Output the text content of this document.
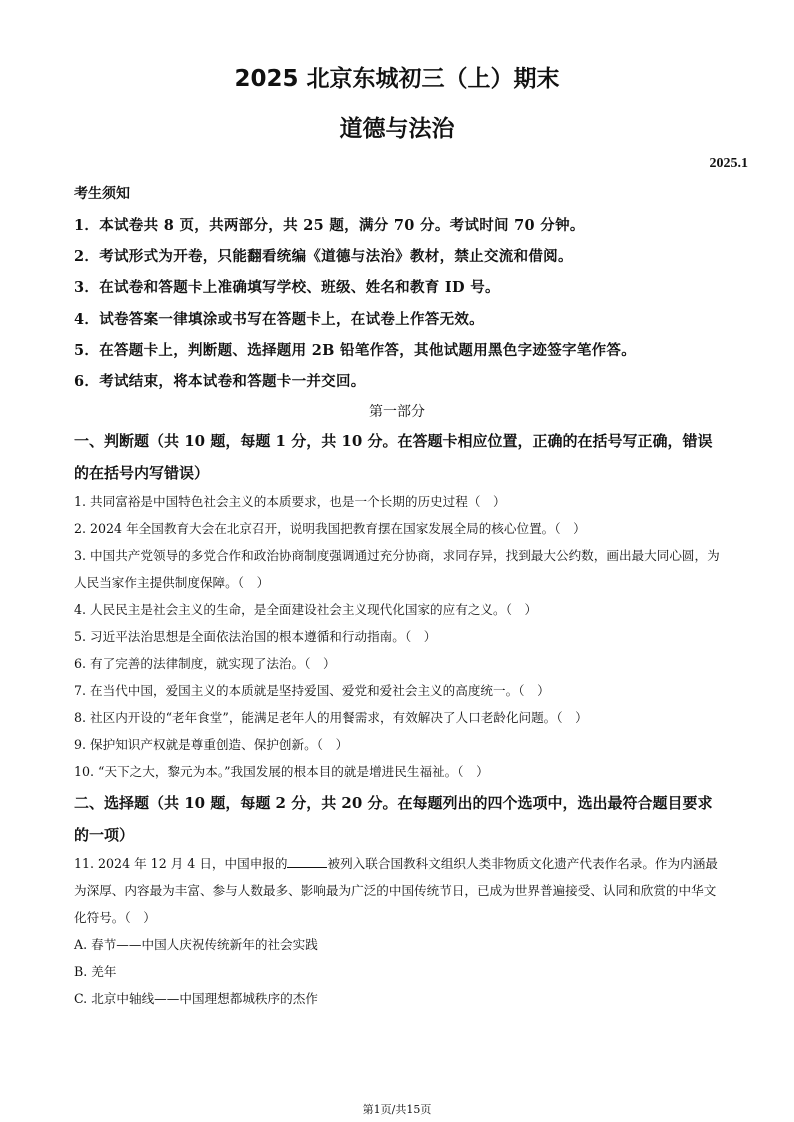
2025 北京东城初三（上）期末
道德与法治
2025.1
考生须知
1．本试卷共 8 页，共两部分，共 25 题，满分 70 分。考试时间 70 分钟。
2．考试形式为开卷，只能翻看统编《道德与法治》教材，禁止交流和借阅。
3．在试卷和答题卡上准确填写学校、班级、姓名和教育 ID 号。
4．试卷答案一律填涂或书写在答题卡上，在试卷上作答无效。
5．在答题卡上，判断题、选择题用 2B 铅笔作答，其他试题用黑色字迹签字笔作答。
6．考试结束，将本试卷和答题卡一并交回。
第一部分
一、判断题（共 10 题，每题 1 分，共 10 分。在答题卡相应位置，正确的在括号写正确，错误的在括号内写错误）
1. 共同富裕是中国特色社会主义的本质要求，也是一个长期的历史过程（　）
2. 2024 年全国教育大会在北京召开，说明我国把教育摆在国家发展全局的核心位置。（　）
3. 中国共产党领导的多党合作和政治协商制度强调通过充分协商，求同存异，找到最大公约数，画出最大同心圆，为人民当家作主提供制度保障。（　）
4. 人民民主是社会主义的生命，是全面建设社会主义现代化国家的应有之义。（　）
5. 习近平法治思想是全面依法治国的根本遵循和行动指南。（　）
6. 有了完善的法律制度，就实现了法治。（　）
7. 在当代中国，爱国主义的本质就是坚持爱国、爱党和爱社会主义的高度统一。（　）
8. 社区内开设的“老年食堂”，能满足老年人的用餐需求，有效解决了人口老龄化问题。（　）
9. 保护知识产权就是尊重创造、保护创新。（　）
10. “天下之大，黎元为本。”我国发展的根本目的就是增进民生福祉。（　）
二、选择题（共 10 题，每题 2 分，共 20 分。在每题列出的四个选项中，选出最符合题目要求的一项）
11. 2024 年 12 月 4 日，中国申报的	被列入联合国教科文组织人类非物质文化遗产代表作名录。作为内涵最为深厚、内容最为丰富、参与人数最多、影响最为广泛的中国传统节日，已成为世界普遍接受、认同和欣赏的中华文化符号。（　）
A. 春节——中国人庆祝传统新年的社会实践
B. 羌年
C. 北京中轴线——中国理想都城秩序的杰作
第1页/共15页
